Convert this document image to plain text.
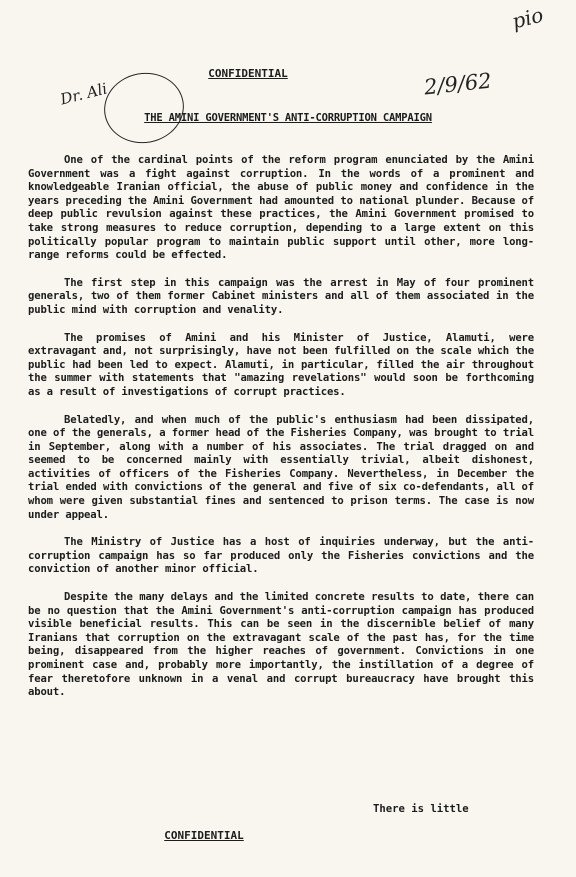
pio
CONFIDENTIAL	2/9/62
Dr. Ali
THE AMINI GOVERNMENT'S ANTI-CORRUPTION CAMPAIGN

One of the cardinal points of the reform program enunciated by the Amini Government was a fight against corruption. In the words of a prominent and knowledgeable Iranian official, the abuse of public money and confidence in the years preceding the Amini Government had amounted to national plunder. Because of deep public revulsion against these practices, the Amini Government promised to take strong measures to reduce corruption, depending to a large extent on this politically popular program to maintain public support until other, more long-range reforms could be effected.

The first step in this campaign was the arrest in May of four prominent generals, two of them former Cabinet ministers and all of them associated in the public mind with corruption and venality.

The promises of Amini and his Minister of Justice, Alamuti, were extravagant and, not surprisingly, have not been fulfilled on the scale which the public had been led to expect. Alamuti, in particular, filled the air throughout the summer with statements that "amazing revelations" would soon be forthcoming as a result of investigations of corrupt practices.

Belatedly, and when much of the public's enthusiasm had been dissipated, one of the generals, a former head of the Fisheries Company, was brought to trial in September, along with a number of his associates. The trial dragged on and seemed to be concerned mainly with essentially trivial, albeit dishonest, activities of officers of the Fisheries Company. Nevertheless, in December the trial ended with convictions of the general and five of six co-defendants, all of whom were given substantial fines and sentenced to prison terms. The case is now under appeal.

The Ministry of Justice has a host of inquiries underway, but the anti-corruption campaign has so far produced only the Fisheries convictions and the conviction of another minor official.

Despite the many delays and the limited concrete results to date, there can be no question that the Amini Government's anti-corruption campaign has produced visible beneficial results. This can be seen in the discernible belief of many Iranians that corruption on the extravagant scale of the past has, for the time being, disappeared from the higher reaches of government. Convictions in one prominent case and, probably more importantly, the instillation of a degree of fear theretofore unknown in a venal and corrupt bureaucracy have brought this about.

There is little
CONFIDENTIAL
